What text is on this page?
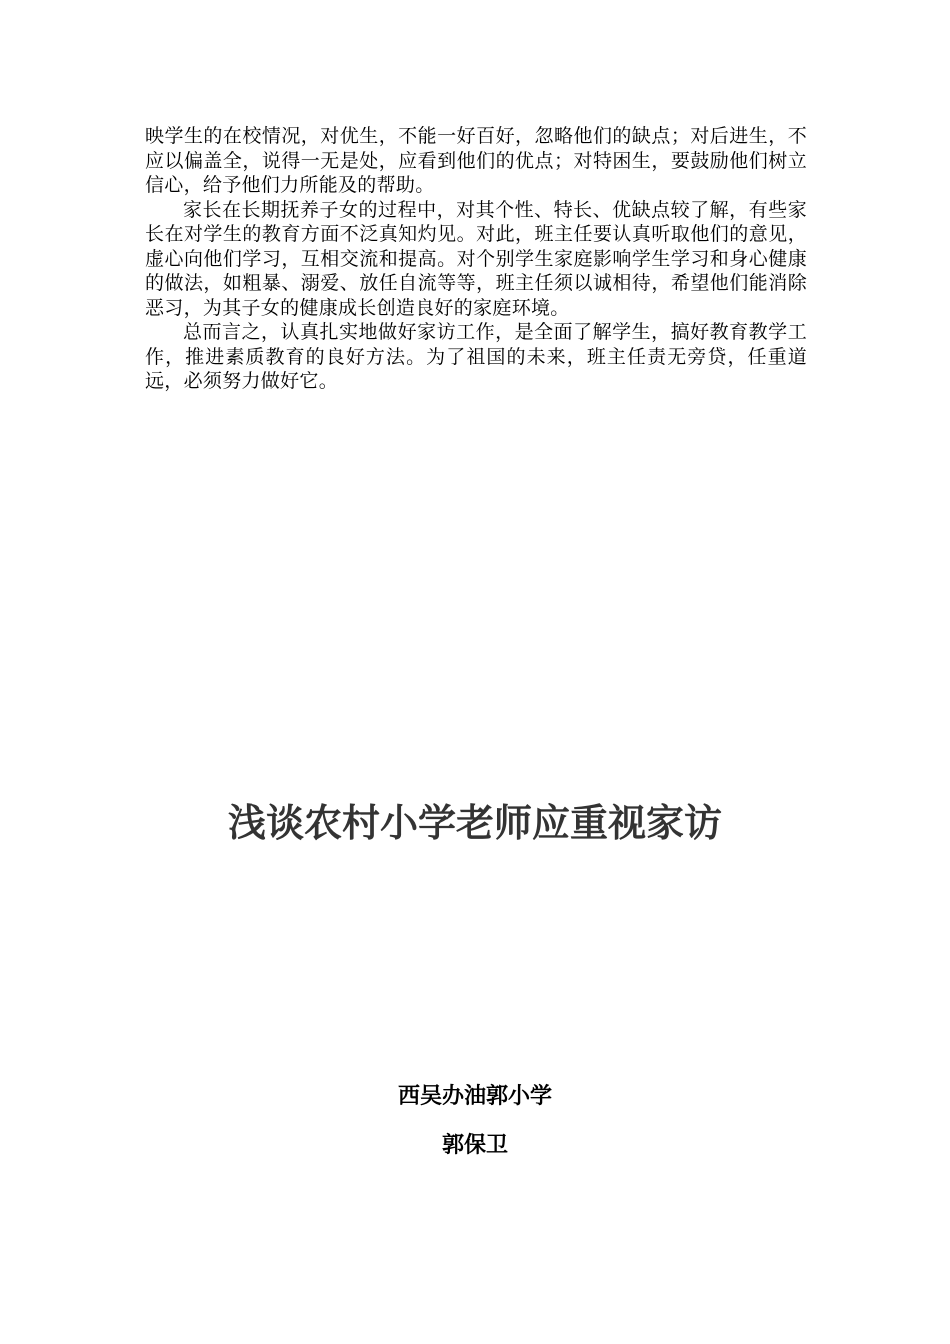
映学生的在校情况，对优生，不能一好百好，忽略他们的缺点；对后进生，不应以偏盖全，说得一无是处，应看到他们的优点；对特困生，要鼓励他们树立信心，给予他们力所能及的帮助。

家长在长期抚养子女的过程中，对其个性、特长、优缺点较了解，有些家长在对学生的教育方面不泛真知灼见。对此，班主任要认真听取他们的意见，虚心向他们学习，互相交流和提高。对个别学生家庭影响学生学习和身心健康的做法，如粗暴、溺爱、放任自流等等，班主任须以诚相待，希望他们能消除恶习，为其子女的健康成长创造良好的家庭环境。

总而言之，认真扎实地做好家访工作，是全面了解学生，搞好教育教学工作，推进素质教育的良好方法。为了祖国的未来，班主任责无旁贷，任重道远，必须努力做好它。

浅谈农村小学老师应重视家访

西吴办油郭小学

郭保卫
